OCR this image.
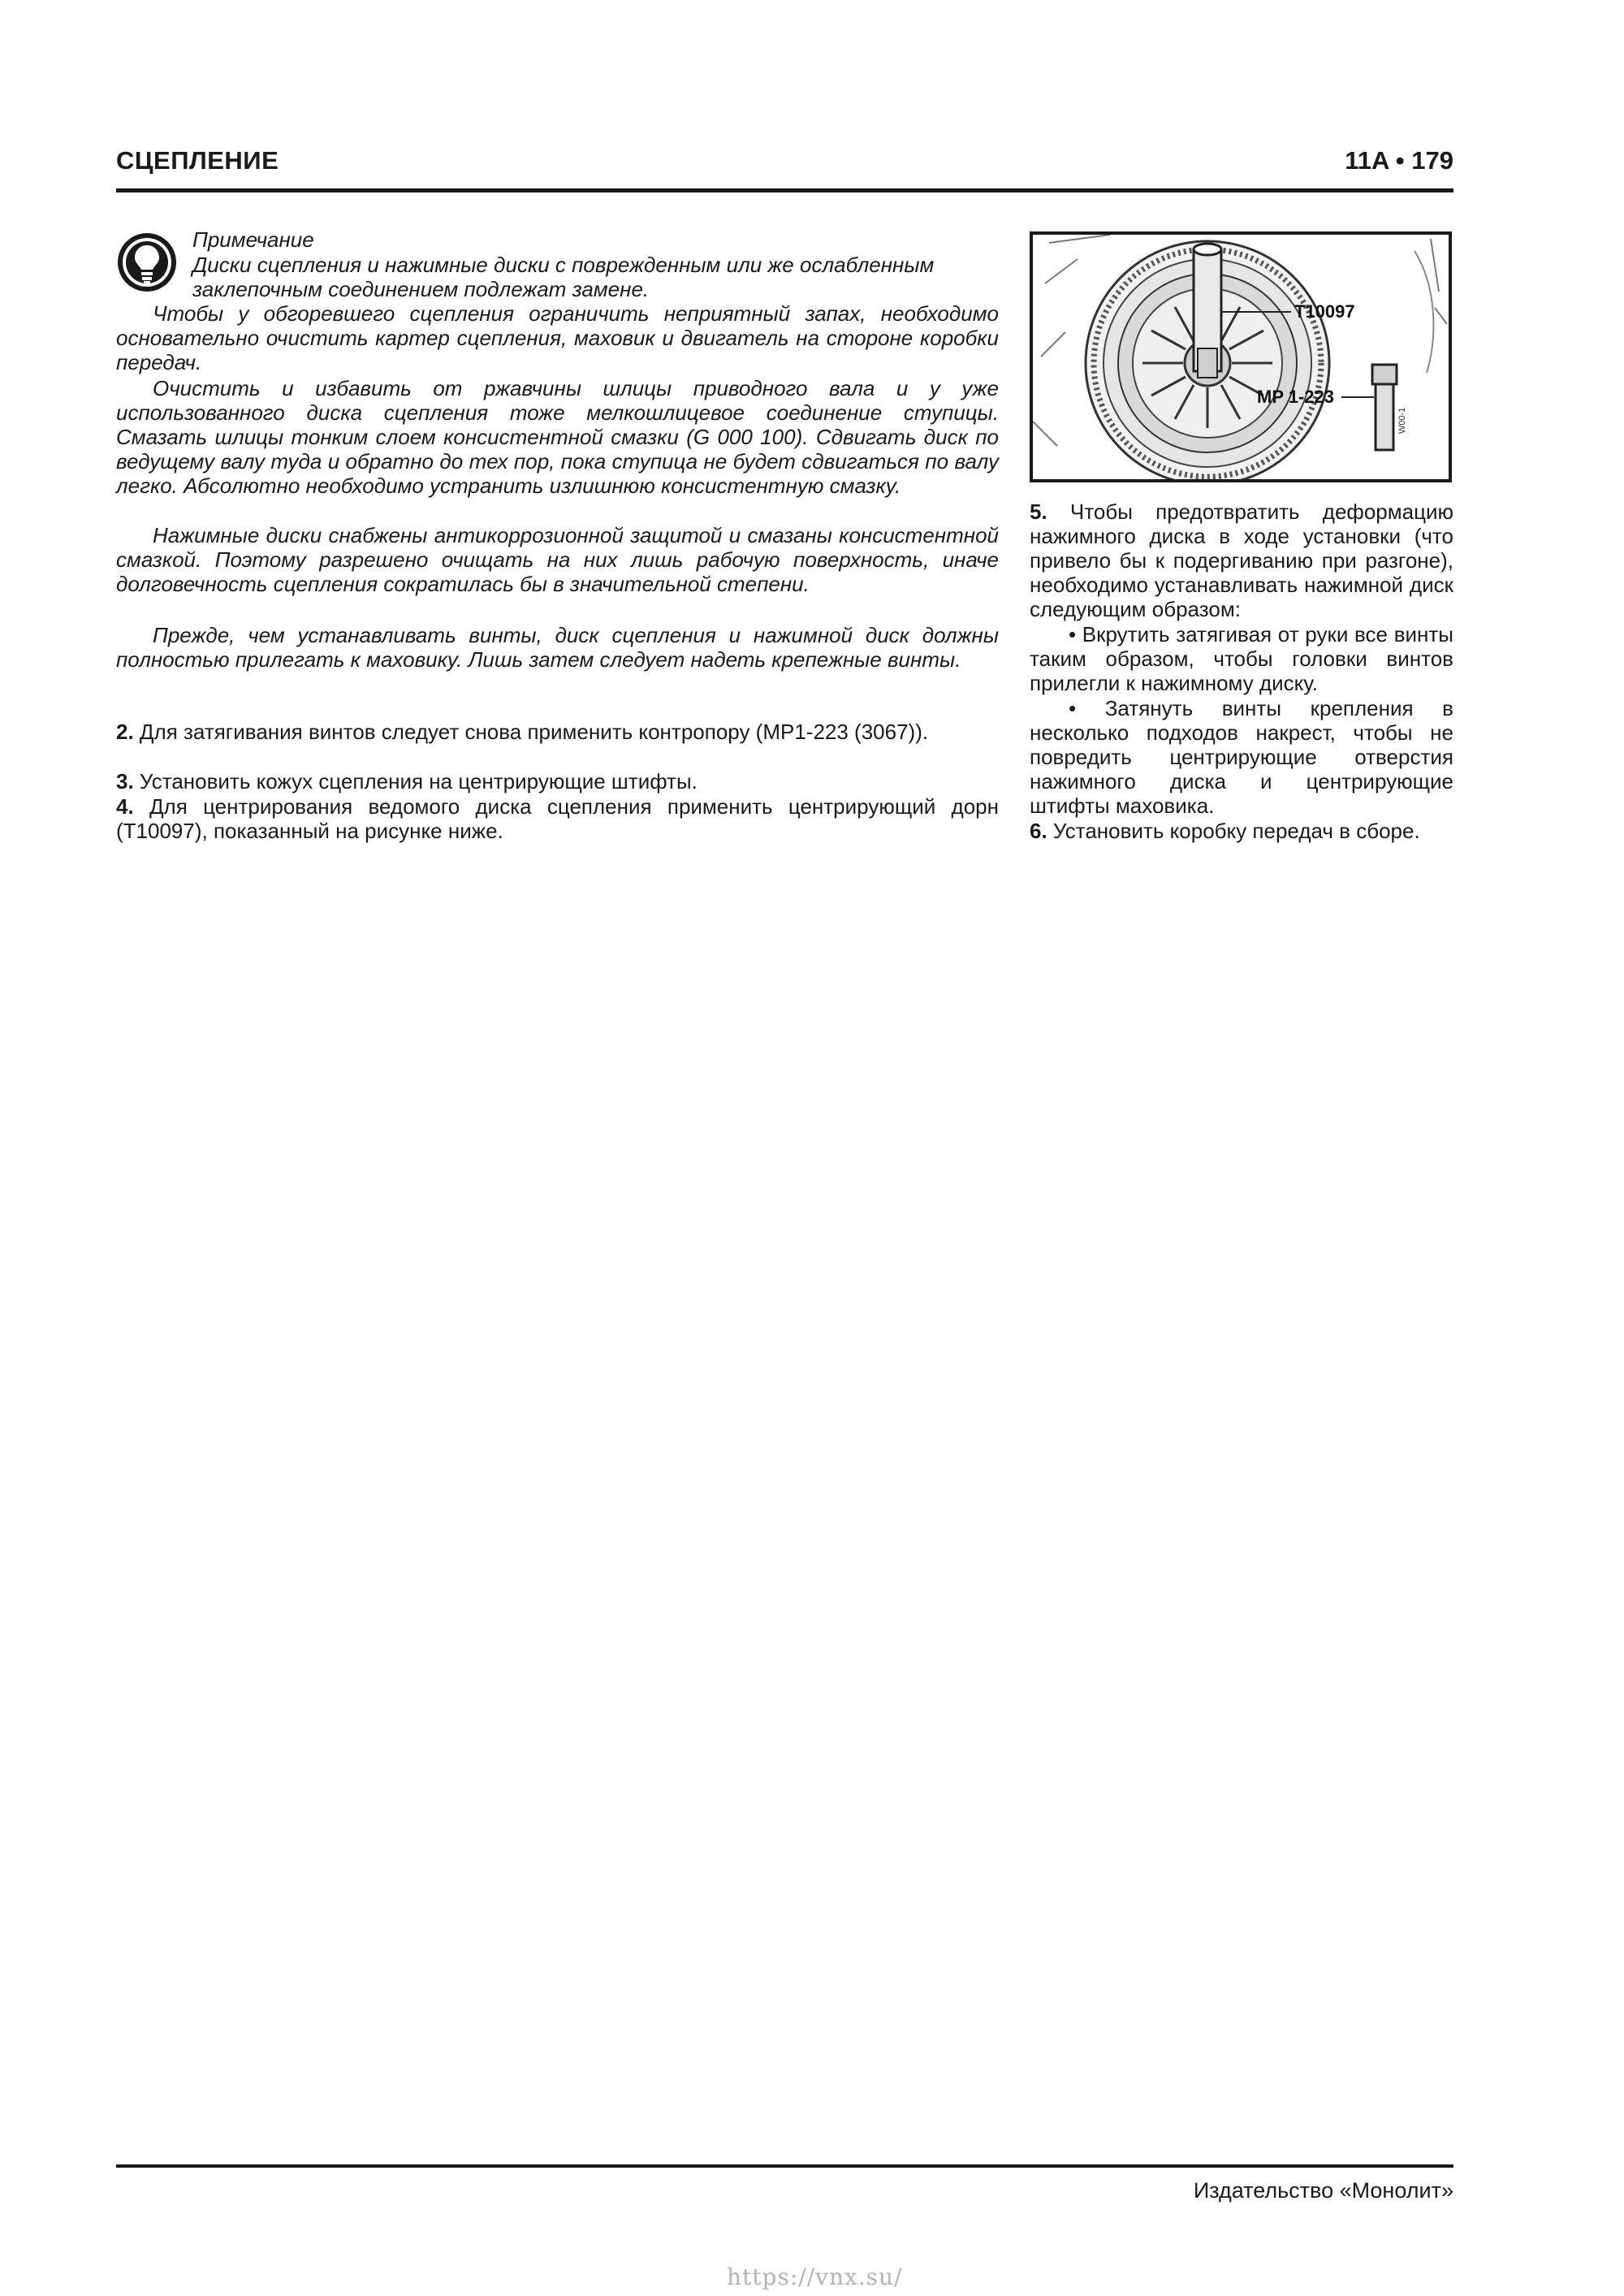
СЦЕПЛЕНИЕ	11A • 179
Примечание
Диски сцепления и нажимные диски с поврежденным или же ослабленным заклепочным соединением подлежат замене.

Чтобы у обгоревшего сцепления ограничить неприятный запах, необходимо основательно очистить картер сцепления, маховик и двигатель на стороне коробки передач.

Очистить и избавить от ржавчины шлицы приводного вала и у уже использованного диска сцепления тоже мелкошлицевое соединение ступицы. Смазать шлицы тонким слоем консистентной смазки (G 000 100). Сдвигать диск по ведущему валу туда и обратно до тех пор, пока ступица не будет сдвигаться по валу легко. Абсолютно необходимо устранить излишнюю консистентную смазку.

Нажимные диски снабжены антикоррозионной защитой и смазаны консистентной смазкой. Поэтому разрешено очищать на них лишь рабочую поверхность, иначе долговечность сцепления сократилась бы в значительной степени.

Прежде, чем устанавливать винты, диск сцепления и нажимной диск должны полностью прилегать к маховику. Лишь затем следует надеть крепежные винты.

2. Для затягивания винтов следует снова применить контропору (MP1-223 (3067)).

3. Установить кожух сцепления на центрирующие штифты.

4. Для центрирования ведомого диска сцепления применить центрирующий дорн (T10097), показанный на рисунке ниже.

T10097
MP 1-223
W00-1

5. Чтобы предотвратить деформацию нажимного диска в ходе установки (что привело бы к подергиванию при разгоне), необходимо устанавливать нажимной диск следующим образом:

• Вкрутить затягивая от руки все винты таким образом, чтобы головки винтов прилегли к нажимному диску.

• Затянуть винты крепления в несколько подходов накрест, чтобы не повредить центрирующие отверстия нажимного диска и центрирующие штифты маховика.

6. Установить коробку передач в сборе.

Издательство «Монолит»
https://vnx.su/
